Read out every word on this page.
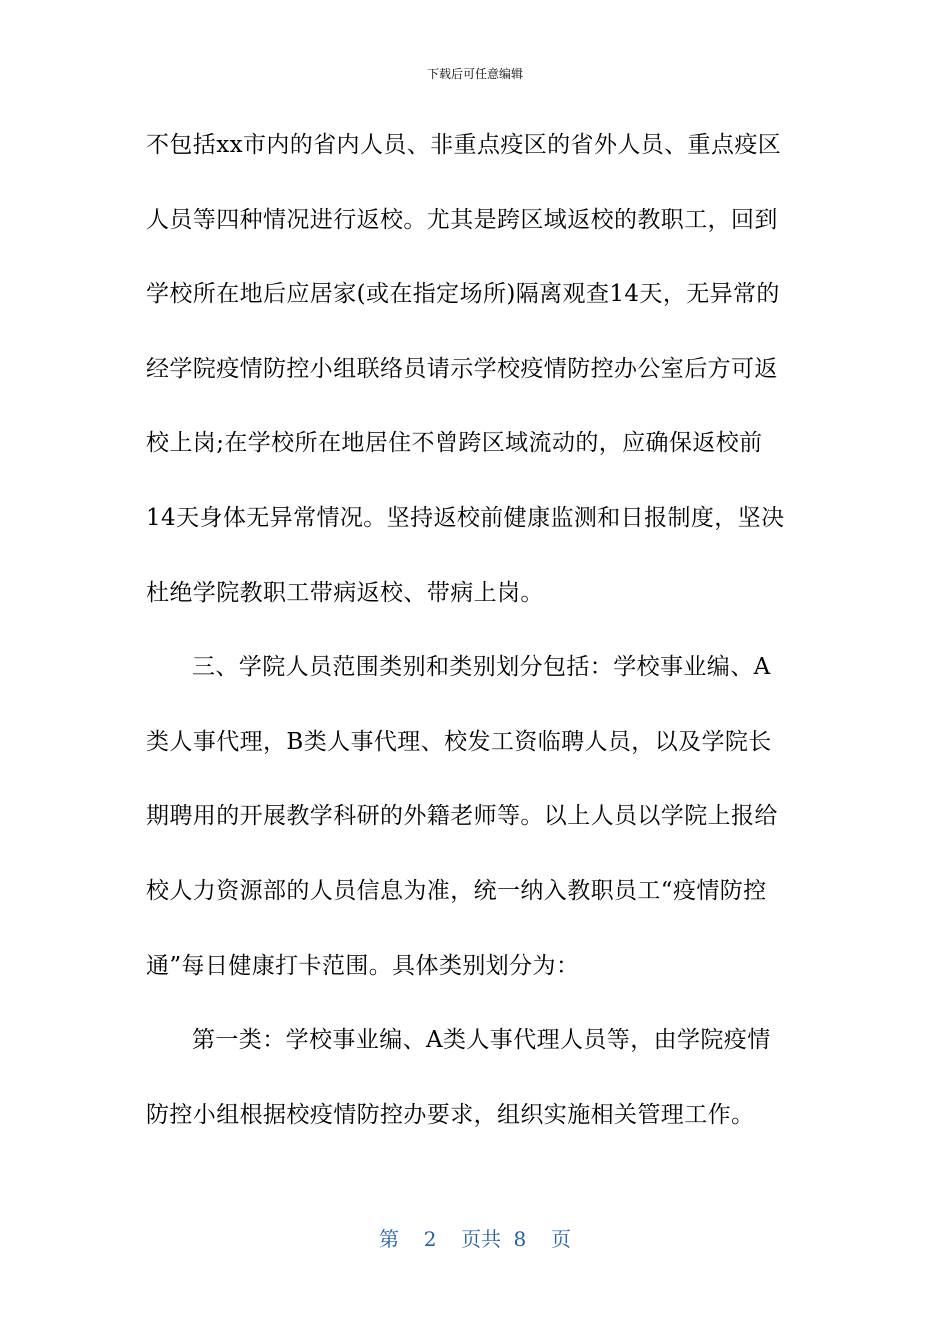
下载后可任意编辑
不包括xx市内的省内人员、非重点疫区的省外人员、重点疫区
人员等四种情况进行返校。尤其是跨区域返校的教职工，回到
学校所在地后应居家(或在指定场所)隔离观查14天，无异常的
经学院疫情防控小组联络员请示学校疫情防控办公室后方可返
校上岗;在学校所在地居住不曾跨区域流动的，应确保返校前
14天身体无异常情况。坚持返校前健康监测和日报制度，坚决
杜绝学院教职工带病返校、带病上岗。
三、学院人员范围类别和类别划分包括：学校事业编、A
类人事代理，B类人事代理、校发工资临聘人员，以及学院长
期聘用的开展教学科研的外籍老师等。以上人员以学院上报给
校人力资源部的人员信息为准，统一纳入教职员工“疫情防控
通”每日健康打卡范围。具体类别划分为：
第一类：学校事业编、A类人事代理人员等，由学院疫情
防控小组根据校疫情防控办要求，组织实施相关管理工作。
第  2  页共 8  页
